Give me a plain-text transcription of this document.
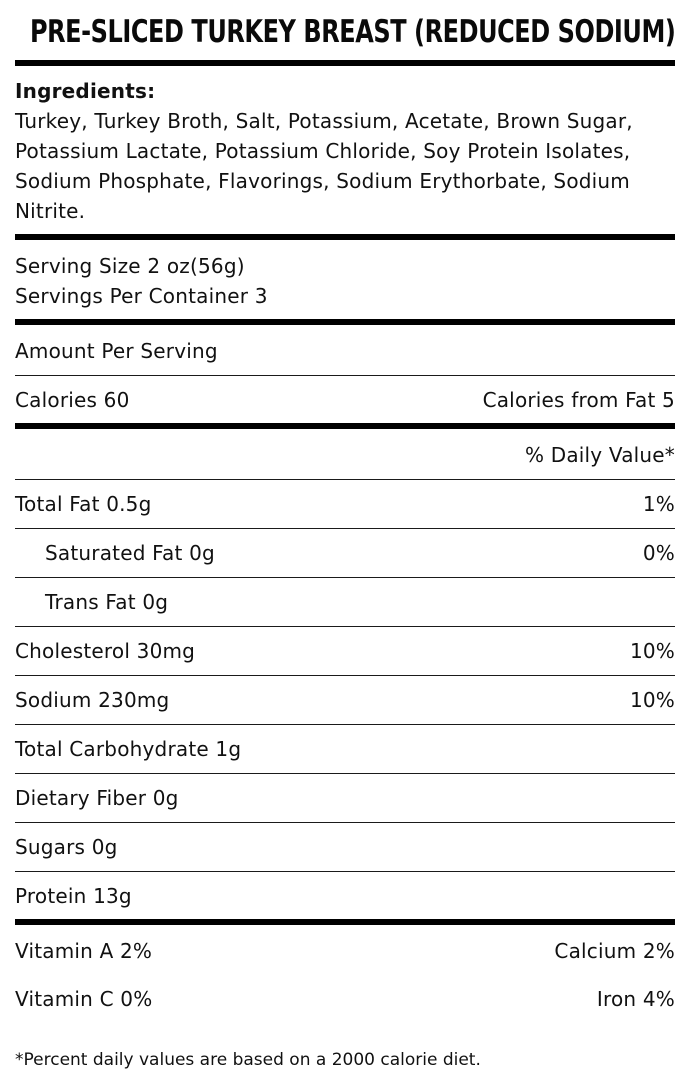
PRE-SLICED TURKEY BREAST (REDUCED SODIUM)
Ingredients:
Turkey, Turkey Broth, Salt, Potassium, Acetate, Brown Sugar, Potassium Lactate, Potassium Chloride, Soy Protein Isolates, Sodium Phosphate, Flavorings, Sodium Erythorbate, Sodium Nitrite.
Serving Size 2 oz(56g)
Servings Per Container 3
Amount Per Serving
Calories 60	Calories from Fat 5
% Daily Value*
Total Fat 0.5g	1%
Saturated Fat 0g	0%
Trans Fat 0g
Cholesterol 30mg	10%
Sodium 230mg	10%
Total Carbohydrate 1g
Dietary Fiber 0g
Sugars 0g
Protein 13g
Vitamin A 2%	Calcium 2%
Vitamin C 0%	Iron 4%
*Percent daily values are based on a 2000 calorie diet.
